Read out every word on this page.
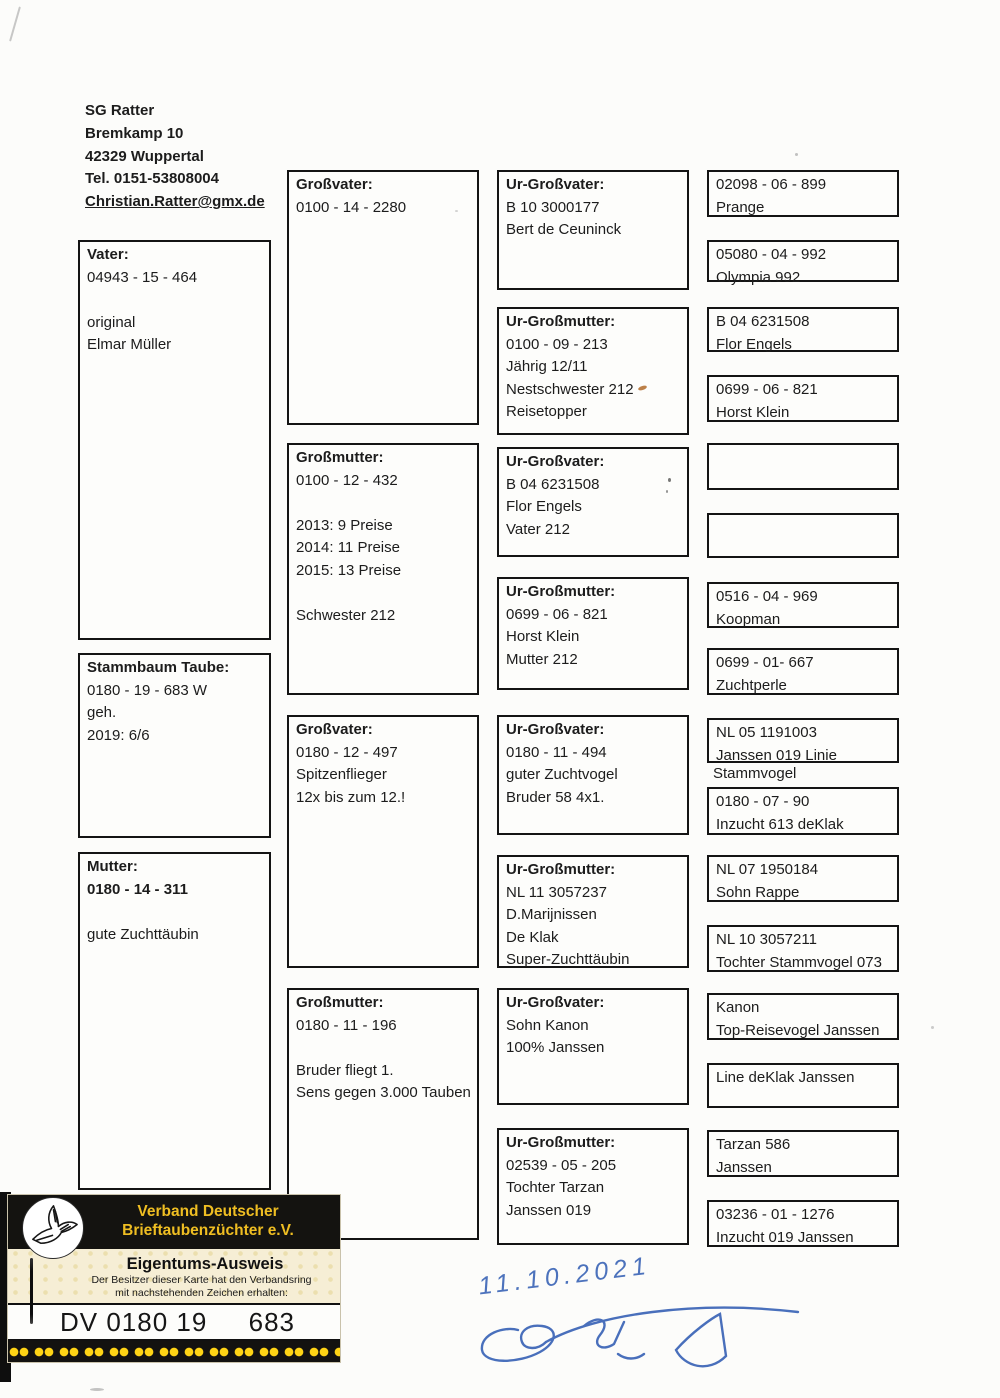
SG Ratter
Bremkamp 10
42329 Wuppertal
Tel. 0151-53808004
Christian.Ratter@gmx.de
Vater:
04943 - 15 - 464
original
Elmar Müller
Stammbaum Taube:
0180 - 19 - 683 W
geh.
2019: 6/6
Mutter:
0180 - 14 - 311
gute Zuchttäubin
Großvater:
0100 - 14 - 2280
Großmutter:
0100 - 12 - 432
2013: 9 Preise
2014: 11 Preise
2015: 13 Preise
Schwester 212
Großvater:
0180 - 12 - 497
Spitzenflieger
12x bis zum 12.!
Großmutter:
0180 - 11 - 196
Bruder fliegt 1.
Sens gegen 3.000 Tauben
Ur-Großvater:
B 10 3000177
Bert de Ceuninck
Ur-Großmutter:
0100 - 09 - 213
Jährig 12/11
Nestschwester 212
Reisetopper
Ur-Großvater:
B 04 6231508
Flor Engels
Vater 212
Ur-Großmutter:
0699 - 06 - 821
Horst Klein
Mutter 212
Ur-Großvater:
0180 - 11 - 494
guter Zuchtvogel
Bruder 58 4x1.
Ur-Großmutter:
NL 11 3057237
D.Marijnissen
De Klak
Super-Zuchttäubin
Ur-Großvater:
Sohn Kanon
100% Janssen
Ur-Großmutter:
02539 - 05 - 205
Tochter Tarzan
Janssen 019
02098 - 06 - 899
Prange
05080 - 04 - 992
Olympia 992
B 04 6231508
Flor Engels
0699 - 06 - 821
Horst Klein
0516 - 04 - 969
Koopman
0699 - 01- 667
Zuchtperle
NL 05 1191003
Janssen 019 Linie
Stammvogel
0180 - 07 - 90
Inzucht 613 deKlak
NL 07 1950184
Sohn Rappe
NL 10 3057211
Tochter Stammvogel 073
Kanon
Top-Reisevogel Janssen
Line deKlak Janssen
Tarzan 586
Janssen
03236 - 01 - 1276
Inzucht 019 Janssen
Verband Deutscher
Brieftaubenzüchter e.V.
Eigentums-Ausweis
Der Besitzer dieser Karte hat den Verbandsring
mit nachstehenden Zeichen erhalten:
DV 0180 19 683
11.10.2021
